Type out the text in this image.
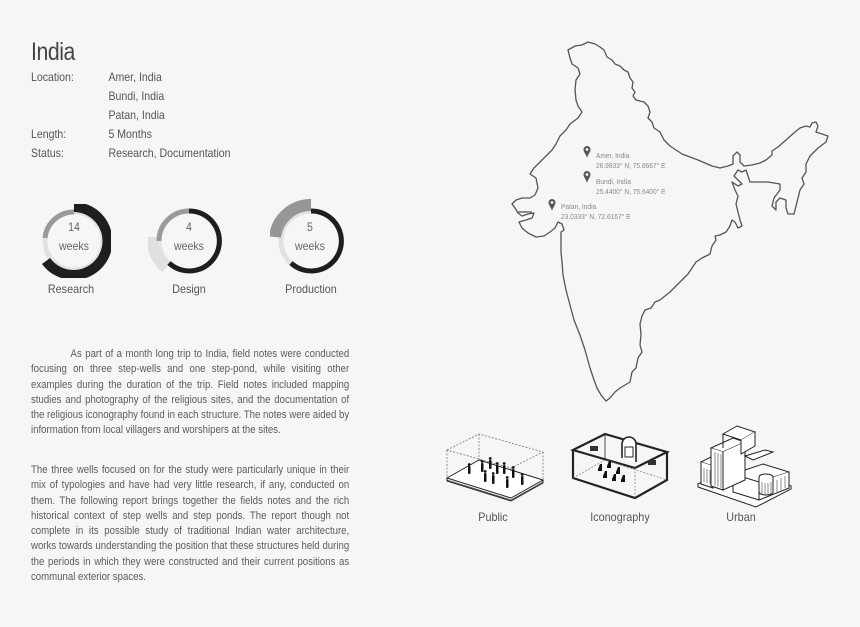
India
Location:	Amer, India
Bundi, India
Patan, India
Length:	5 Months
Status:	Research, Documentation
14
weeks
Research
4
weeks
Design
5
weeks
Production

As part of a month long trip to India, field notes were conducted focusing on three step-wells and one step-pond, while visiting other examples during the duration of the trip. Field notes included mapping studies and photography of the religious sites, and the documentation of the religious iconography found in each structure. The notes were aided by information from local villagers and worshipers at the sites.

The three wells focused on for the study were particularly unique in their mix of typologies and have had very little research, if any, conducted on them. The following report brings together the fields notes and the rich historical context of step wells and step ponds. The report though not complete in its possible study of traditional Indian water architecture, works towards understanding the position that these structures held during the periods in which they were constructed and their current positions as communal exterior spaces.

Amer, India
26.9833° N, 75.8667° E
Bundi, India
25.4400° N, 75.6400° E
Patan, India
23.0333° N, 72.6167° E
Public	Iconography	Urban
